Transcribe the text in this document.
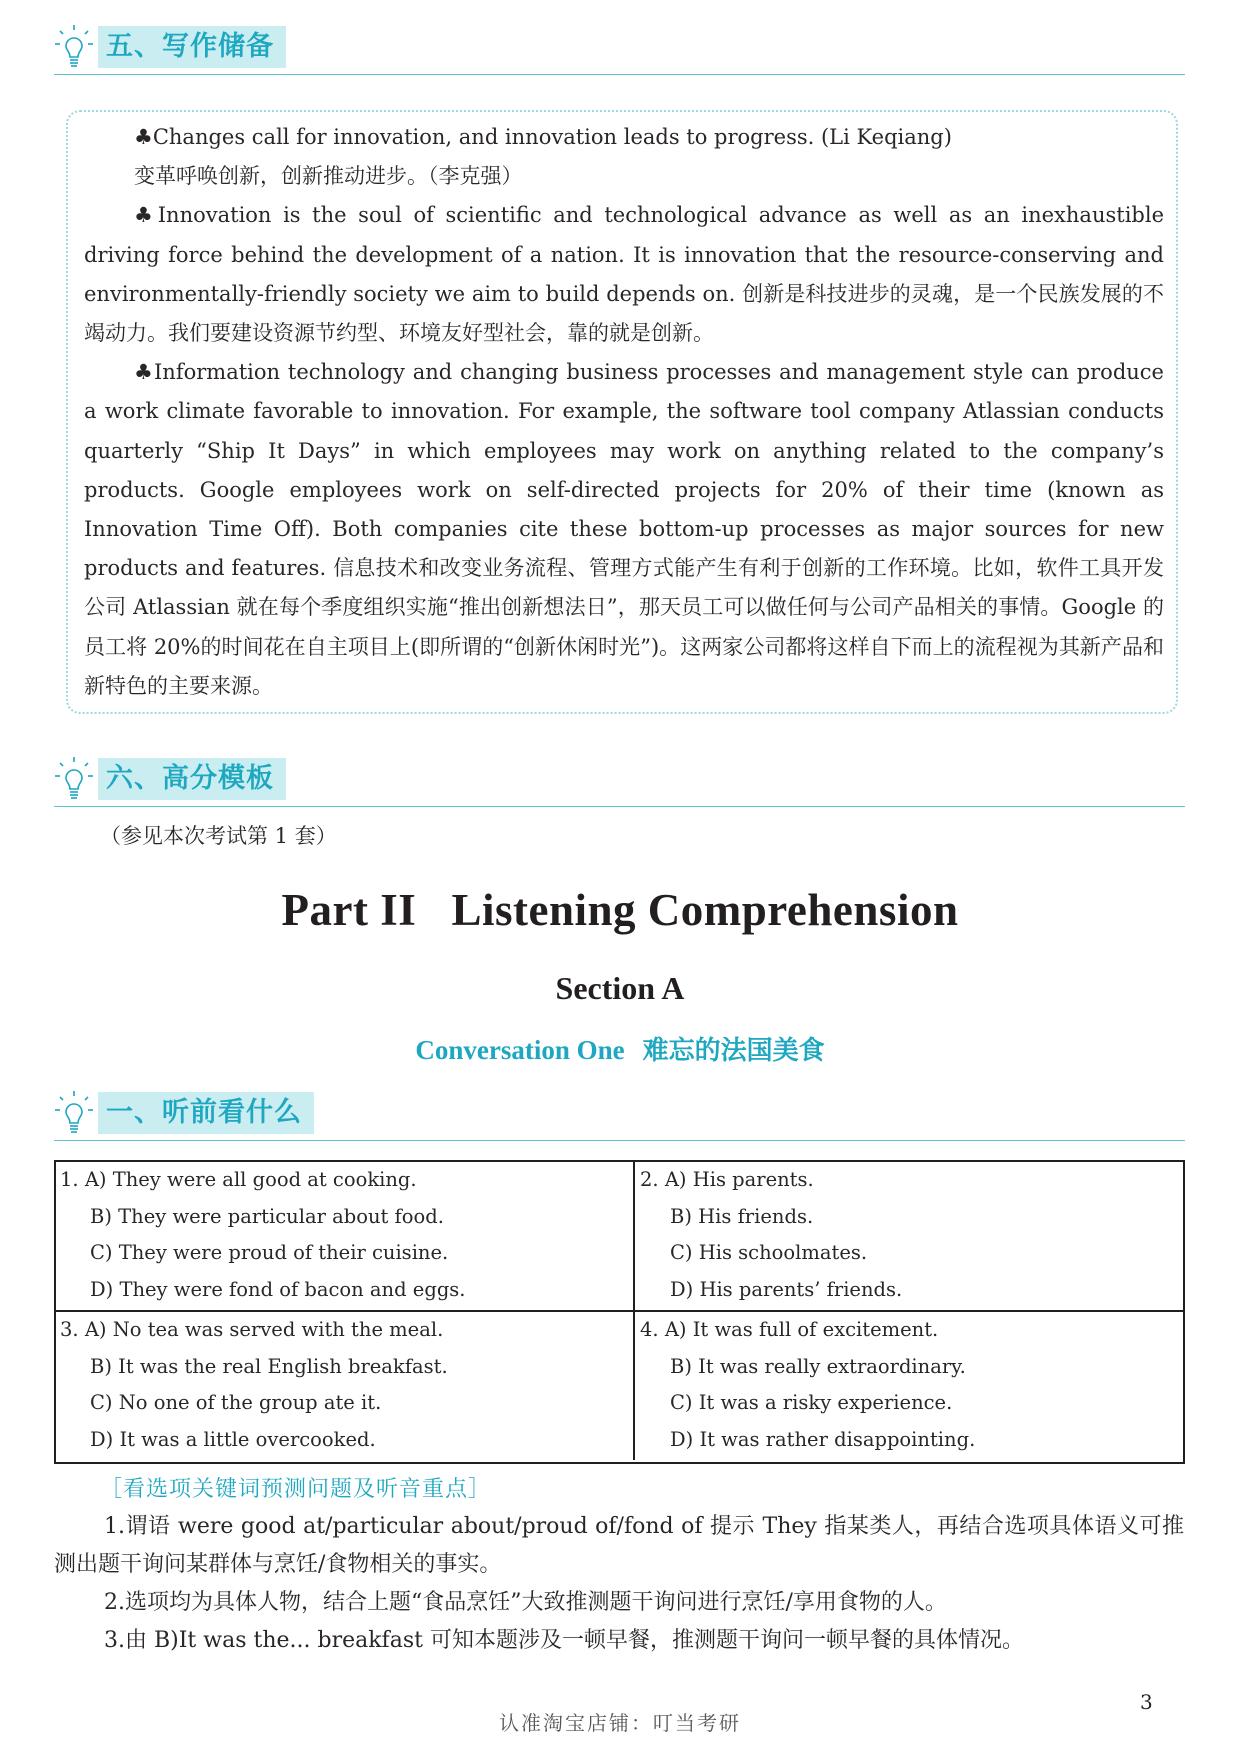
五、写作储备

♣Changes call for innovation, and innovation leads to progress. (Li Keqiang)

变革呼唤创新，创新推动进步。（李克强）

♣Innovation is the soul of scientific and technological advance as well as an inexhaustible driving force behind the development of a nation. It is innovation that the resource-conserving and environmentally-friendly society we aim to build depends on. 创新是科技进步的灵魂，是一个民族发展的不竭动力。我们要建设资源节约型、环境友好型社会，靠的就是创新。

♣Information technology and changing business processes and management style can produce a work climate favorable to innovation. For example, the software tool company Atlassian conducts quarterly “Ship It Days” in which employees may work on anything related to the company’s products. Google employees work on self-directed projects for 20% of their time (known as Innovation Time Off). Both companies cite these bottom-up processes as major sources for new products and features. 信息技术和改变业务流程、管理方式能产生有利于创新的工作环境。比如，软件工具开发公司 Atlassian 就在每个季度组织实施“推出创新想法日”，那天员工可以做任何与公司产品相关的事情。Google 的员工将 20%的时间花在自主项目上(即所谓的“创新休闲时光”)。这两家公司都将这样自下而上的流程视为其新产品和新特色的主要来源。

六、高分模板
（参见本次考试第 1 套）
Part II   Listening Comprehension
Section A
Conversation One 难忘的法国美食
一、听前看什么
1. A) They were all good at cooking.
B) They were particular about food.
C) They were proud of their cuisine.
D) They were fond of bacon and eggs.
2. A) His parents.
B) His friends.
C) His schoolmates.
D) His parents’ friends.
3. A) No tea was served with the meal.
B) It was the real English breakfast.
C) No one of the group ate it.
D) It was a little overcooked.
4. A) It was full of excitement.
B) It was really extraordinary.
C) It was a risky experience.
D) It was rather disappointing.
［看选项关键词预测问题及听音重点］

1.谓语 were good at/particular about/proud of/fond of 提示 They 指某类人，再结合选项具体语义可推测出题干询问某群体与烹饪/食物相关的事实。

2.选项均为具体人物，结合上题“食品烹饪”大致推测题干询问进行烹饪/享用食物的人。

3.由 B)It was the... breakfast 可知本题涉及一顿早餐，推测题干询问一顿早餐的具体情况。

3
认准淘宝店铺：叮当考研
